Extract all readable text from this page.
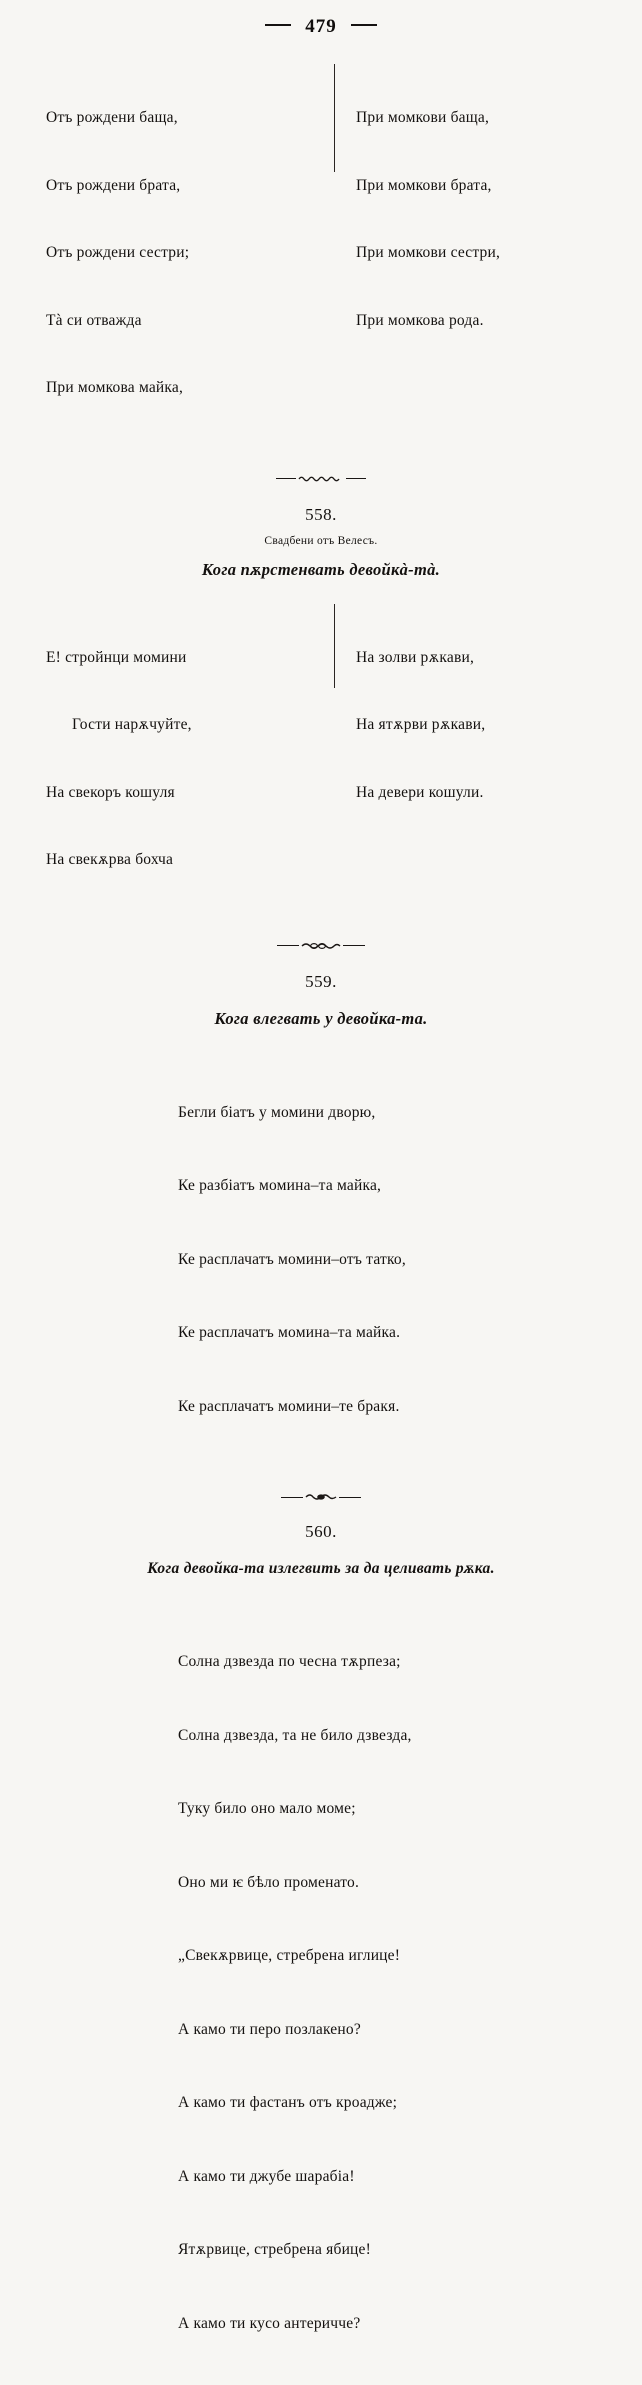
479

Отъ рождени баща,

Отъ рождени брата,

Отъ рождени сестри;

Тà си отважда

При момкова майка,

При момкови баща,

При момкови брата,

При момкови сестри,

При момкова рода.

558.
Свадбени отъ Велесъ.
Кога пѫрстенвать девойкà-тà.

Е! стройнци момини

Гости нарѫчуйте,

На свекоръ кошуля

На свекѫрва бохча

На золви рѫкави,

На ятѫрви рѫкави,

На девери кошули.

559.
Кога влегвать у девойка-та.

Бегли бiатъ у момини дворю,

Ке разбiатъ момина–та майка,

Ке расплачатъ момини–отъ татко,

Ке расплачатъ момина–та майка.

Ке расплачатъ момини–те бракя.

560.
Кога девойка-та излегвить за да целивать рѫка.

Солна дзвезда по чесна тѫрпеза;

Солна дзвезда, та не било дзвезда,

Туку било оно мало моме;

Оно ми ѥ бѣло променато.

„Свекѫрвице, стребрена иглице!

А камо ти перо позлакено?

А камо ти фастанъ отъ кроадже;

А камо ти джубе шарабiа!

Ятѫрвице, стребрена ябице!

А камо ти кусо антеричче?
